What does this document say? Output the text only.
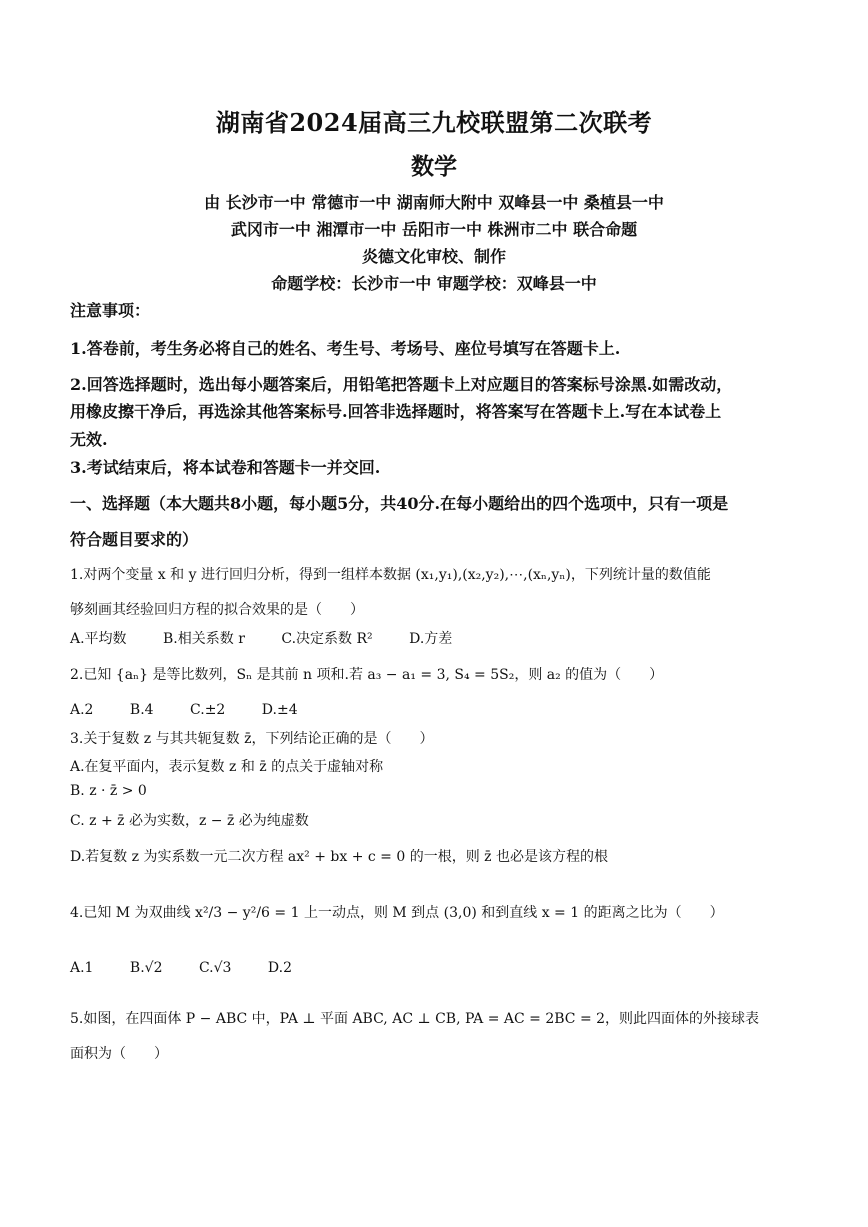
湖南省2024届高三九校联盟第二次联考
数学
由 长沙市一中 常德市一中 湖南师大附中 双峰县一中 桑植县一中
武冈市一中 湘潭市一中 岳阳市一中 株洲市二中 联合命题
炎德文化审校、制作
命题学校：长沙市一中 审题学校：双峰县一中
注意事项：
1.答卷前，考生务必将自己的姓名、考生号、考场号、座位号填写在答题卡上.
2.回答选择题时，选出每小题答案后，用铅笔把答题卡上对应题目的答案标号涂黑.如需改动，
用橡皮擦干净后，再选涂其他答案标号.回答非选择题时，将答案写在答题卡上.写在本试卷上
无效.
3.考试结束后，将本试卷和答题卡一并交回.
一、选择题（本大题共8小题，每小题5分，共40分.在每小题给出的四个选项中，只有一项是
符合题目要求的）
1.对两个变量 x 和 y 进行回归分析，得到一组样本数据 (x₁,y₁),(x₂,y₂),⋯,(xₙ,yₙ)，下列统计量的数值能
够刻画其经验回归方程的拟合效果的是（　　）
A.平均数	B.相关系数 r	C.决定系数 R²	D.方差
2.已知 {aₙ} 是等比数列，Sₙ 是其前 n 项和.若 a₃ − a₁ = 3, S₄ = 5S₂，则 a₂ 的值为（　　）
A.2	B.4	C.±2	D.±4
3.关于复数 z 与其共轭复数 z̄，下列结论正确的是（　　）
A.在复平面内，表示复数 z 和 z̄ 的点关于虚轴对称
B. z · z̄ > 0
C. z + z̄ 必为实数，z − z̄ 必为纯虚数
D.若复数 z 为实系数一元二次方程 ax² + bx + c = 0 的一根，则 z̄ 也必是该方程的根
4.已知 M 为双曲线 x²/3 − y²/6 = 1 上一动点，则 M 到点 (3,0) 和到直线 x = 1 的距离之比为（　　）
A.1	B.√2	C.√3	D.2
5.如图，在四面体 P − ABC 中，PA ⊥ 平面 ABC, AC ⊥ CB, PA = AC = 2BC = 2，则此四面体的外接球表
面积为（　　）
